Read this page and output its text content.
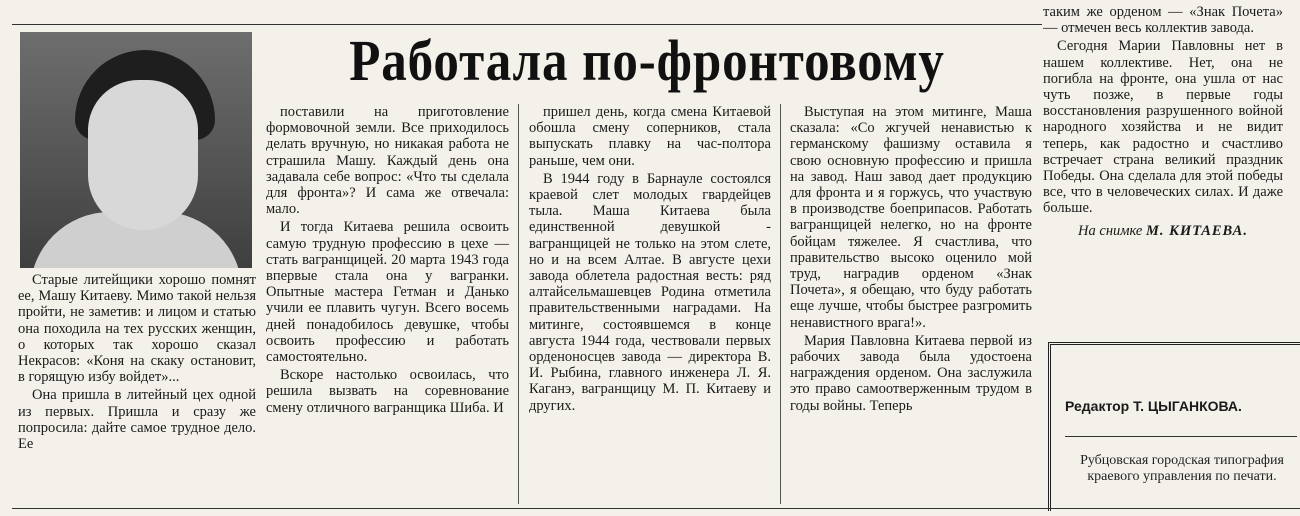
Работала по-фронтовому

Старые литейщики хорошо помнят ее, Машу Китаеву. Мимо такой нельзя пройти, не заметив: и лицом и статью она походила на тех русских женщин, о которых так хорошо сказал Некрасов: «Коня на скаку остановит, в горящую избу войдет»...

Она пришла в литейный цех одной из первых. Пришла и сразу же попросила: дайте самое трудное дело. Ее

поставили на приготовление формовочной земли. Все приходилось делать вручную, но никакая работа не страшила Машу. Каждый день она задавала себе вопрос: «Что ты сделала для фронта»? И сама же отвечала: мало.

И тогда Китаева решила освоить самую трудную профессию в цехе — стать вагранщицей. 20 марта 1943 года впервые стала она у вагранки. Опытные мастера Гетман и Данько учили ее плавить чугун. Всего восемь дней понадобилось девушке, чтобы освоить профессию и работать самостоятельно.

Вскоре настолько освоилась, что решила вызвать на соревнование смену отличного вагранщика Шиба. И

пришел день, когда смена Китаевой обошла смену соперников, стала выпускать плавку на час-полтора раньше, чем они.

В 1944 году в Барнауле состоялся краевой слет молодых гвардейцев тыла. Маша Китаева была единственной девушкой - вагранщицей не только на этом слете, но и на всем Алтае. В августе цехи завода облетела радостная весть: ряд алтайсельмашевцев Родина отметила правительственными наградами. На митинге, состоявшемся в конце августа 1944 года, чествовали первых орденоносцев завода — директора В. И. Рыбина, главного инженера Л. Я. Каганэ, вагранщицу М. П. Китаеву и других.

Выступая на этом митинге, Маша сказала: «Со жгучей ненавистью к германскому фашизму оставила я свою основную профессию и пришла на завод. Наш завод дает продукцию для фронта и я горжусь, что участвую в производстве боеприпасов. Работать вагранщицей нелегко, но на фронте бойцам тяжелее. Я счастлива, что правительство высоко оценило мой труд, наградив орденом «Знак Почета», я обещаю, что буду работать еще лучше, чтобы быстрее разгромить ненавистного врага!».

Мария Павловна Китаева первой из рабочих завода была удостоена награждения орденом. Она заслужила это право самоотверженным трудом в годы войны. Теперь

таким же орденом — «Знак Почета» — отмечен весь коллектив завода.

Сегодня Марии Павловны нет в нашем коллективе. Нет, она не погибла на фронте, она ушла от нас чуть позже, в первые годы восстановления разрушенного войной народного хозяйства и не видит теперь, как радостно и счастливо встречает страна великий праздник Победы. Она сделала для этой победы все, что в человеческих силах. И даже больше.

На снимке М. КИТАЕВА.

Редактор Т. ЦЫГАНКОВА.

Рубцовская городская типография краевого управления по печати.
